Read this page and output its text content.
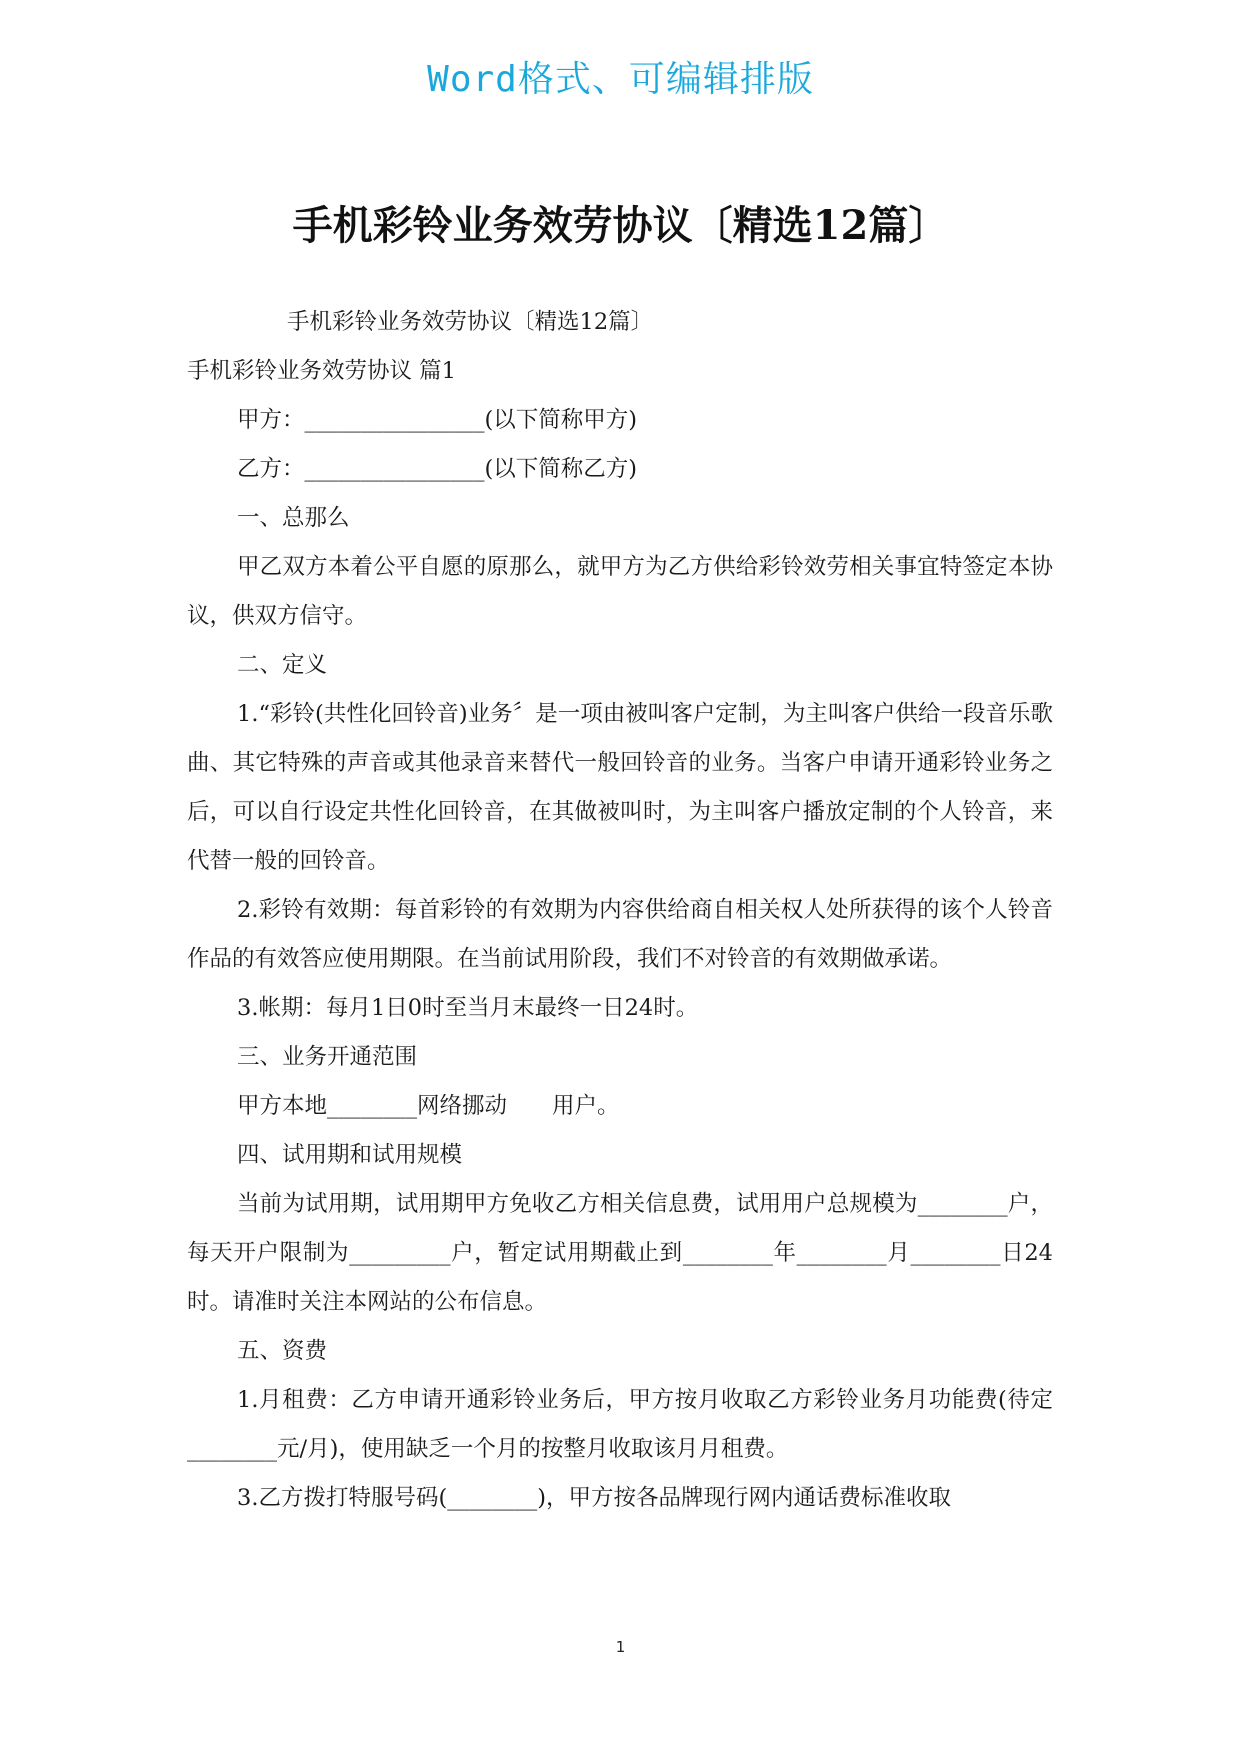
Word格式、可编辑排版
手机彩铃业务效劳协议〔精选12篇〕

手机彩铃业务效劳协议〔精选12篇〕

手机彩铃业务效劳协议 篇1

甲方：________________(以下简称甲方)

乙方：________________(以下简称乙方)

一、总那么

甲乙双方本着公平自愿的原那么，就甲方为乙方供给彩铃效劳相关事宜特签定本协议，供双方信守。

二、定义

1.“彩铃(共性化回铃音)业务〞是一项由被叫客户定制，为主叫客户供给一段音乐歌曲、其它特殊的声音或其他录音来替代一般回铃音的业务。当客户申请开通彩铃业务之后，可以自行设定共性化回铃音，在其做被叫时，为主叫客户播放定制的个人铃音，来代替一般的回铃音。

2.彩铃有效期：每首彩铃的有效期为内容供给商自相关权人处所获得的该个人铃音作品的有效答应使用期限。在当前试用阶段，我们不对铃音的有效期做承诺。

3.帐期：每月1日0时至当月末最终一日24时。

三、业务开通范围

甲方本地________网络挪动　　用户。

四、试用期和试用规模

当前为试用期，试用期甲方免收乙方相关信息费，试用用户总规模为________户，每天开户限制为_________户，暂定试用期截止到________年________月________日24时。请准时关注本网站的公布信息。

五、资费

1.月租费：乙方申请开通彩铃业务后，甲方按月收取乙方彩铃业务月功能费(待定________元/月)，使用缺乏一个月的按整月收取该月月租费。

3.乙方拨打特服号码(________)，甲方按各品牌现行网内通话费标准收取

1
